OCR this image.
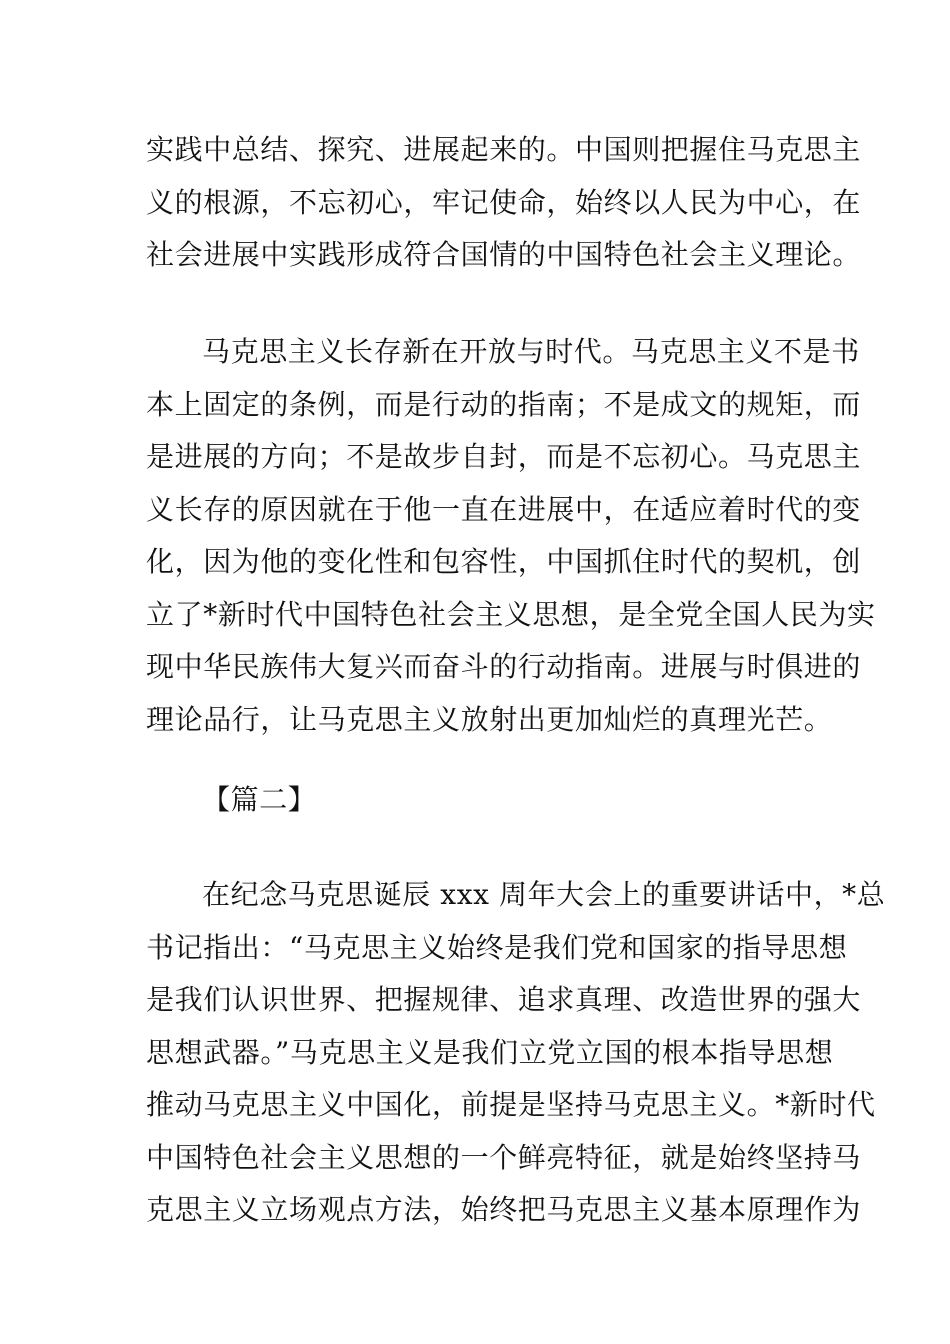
实践中总结、探究、进展起来的。中国则把握住马克思主
义的根源，不忘初心，牢记使命，始终以人民为中心，在
社会进展中实践形成符合国情的中国特色社会主义理论。
马克思主义长存新在开放与时代。马克思主义不是书
本上固定的条例，而是行动的指南；不是成文的规矩，而
是进展的方向；不是故步自封，而是不忘初心。马克思主
义长存的原因就在于他一直在进展中，在适应着时代的变
化，因为他的变化性和包容性，中国抓住时代的契机，创
立了*新时代中国特色社会主义思想，是全党全国人民为实
现中华民族伟大复兴而奋斗的行动指南。进展与时俱进的
理论品行，让马克思主义放射出更加灿烂的真理光芒。
【篇二】
在纪念马克思诞辰 xxx 周年大会上的重要讲话中，*总
书记指出：“马克思主义始终是我们党和国家的指导思想
是我们认识世界、把握规律、追求真理、改造世界的强大
思想武器。”马克思主义是我们立党立国的根本指导思想
推动马克思主义中国化，前提是坚持马克思主义。*新时代
中国特色社会主义思想的一个鲜亮特征，就是始终坚持马
克思主义立场观点方法，始终把马克思主义基本原理作为
